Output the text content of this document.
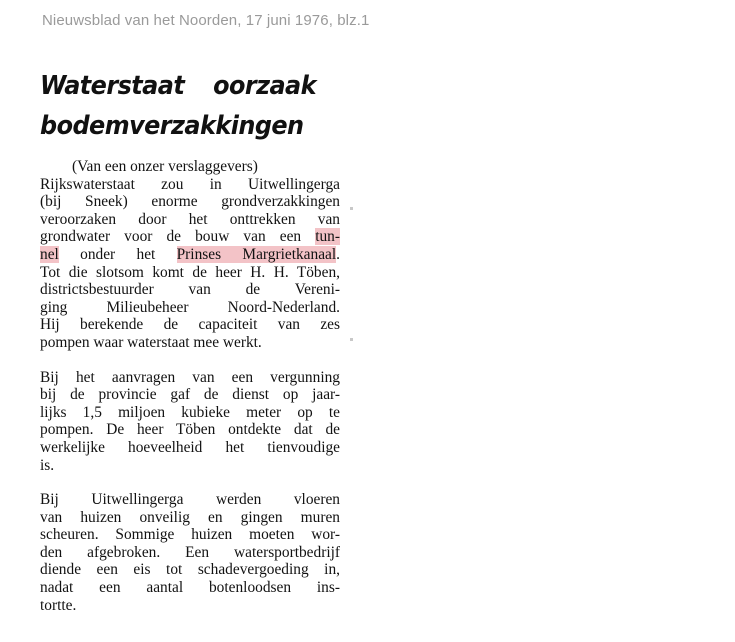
Nieuwsblad van het Noorden, 17 juni 1976, blz.1
Waterstaat oorzaak
bodemverzakkingen
(Van een onzer verslaggevers)

Rijkswaterstaat zou in Uitwellingerga
(bij Sneek) enorme grondverzakkingen
veroorzaken door het onttrekken van
grondwater voor de bouw van een tun-
nel onder het Prinses Margrietkanaal.
Tot die slotsom komt de heer H. H. Töben,
districtsbestuurder van de Vereni-
ging Milieubeheer Noord-Nederland.
Hij berekende de capaciteit van zes
pompen waar waterstaat mee werkt.

Bij het aanvragen van een vergunning
bij de provincie gaf de dienst op jaar-
lijks 1,5 miljoen kubieke meter op te
pompen. De heer Töben ontdekte dat de
werkelijke hoeveelheid het tienvoudige
is.

Bij Uitwellingerga werden vloeren
van huizen onveilig en gingen muren
scheuren. Sommige huizen moeten wor-
den afgebroken. Een watersportbedrijf
diende een eis tot schadevergoeding in,
nadat een aantal botenloodsen ins-
tortte.
